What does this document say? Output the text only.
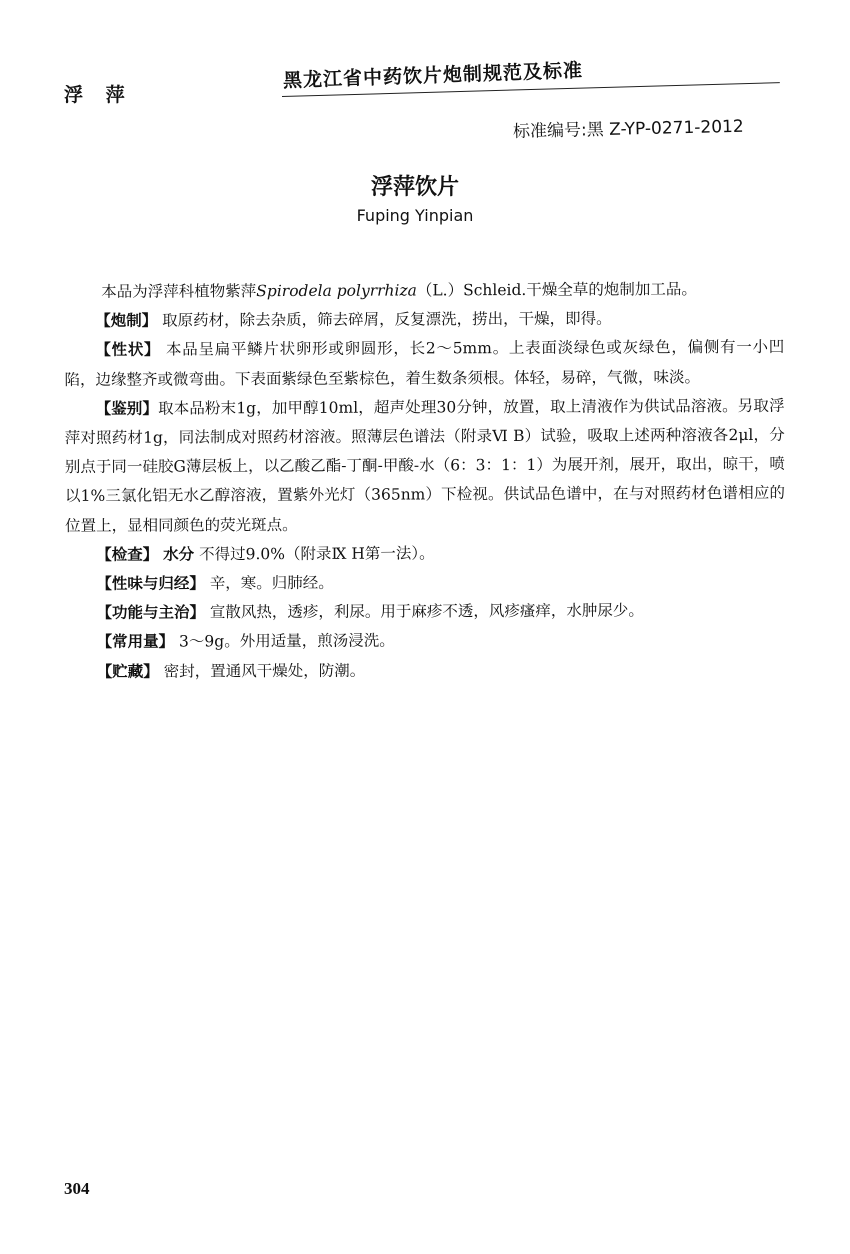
浮 萍
黑龙江省中药饮片炮制规范及标准
标准编号:黑 Z-YP-0271-2012
浮萍饮片
Fuping Yinpian

本品为浮萍科植物紫萍Spirodela polyrrhiza（L.）Schleid.干燥全草的炮制加工品。

【炮制】 取原药材，除去杂质，筛去碎屑，反复漂洗，捞出，干燥，即得。

【性状】 本品呈扁平鳞片状卵形或卵圆形，长2～5mm。上表面淡绿色或灰绿色，偏侧有一小凹陷，边缘整齐或微弯曲。下表面紫绿色至紫棕色，着生数条须根。体轻，易碎，气微，味淡。

【鉴别】取本品粉末1g，加甲醇10ml，超声处理30分钟，放置，取上清液作为供试品溶液。另取浮萍对照药材1g，同法制成对照药材溶液。照薄层色谱法（附录Ⅵ B）试验，吸取上述两种溶液各2μl，分别点于同一硅胶G薄层板上，以乙酸乙酯-丁酮-甲酸-水（6：3：1：1）为展开剂，展开，取出，晾干，喷以1%三氯化铝无水乙醇溶液，置紫外光灯（365nm）下检视。供试品色谱中，在与对照药材色谱相应的位置上，显相同颜色的荧光斑点。

【检查】 水分 不得过9.0%（附录Ⅸ H第一法）。

【性味与归经】 辛，寒。归肺经。

【功能与主治】 宣散风热，透疹，利尿。用于麻疹不透，风疹瘙痒，水肿尿少。

【常用量】 3～9g。外用适量，煎汤浸洗。

【贮藏】 密封，置通风干燥处，防潮。

304
